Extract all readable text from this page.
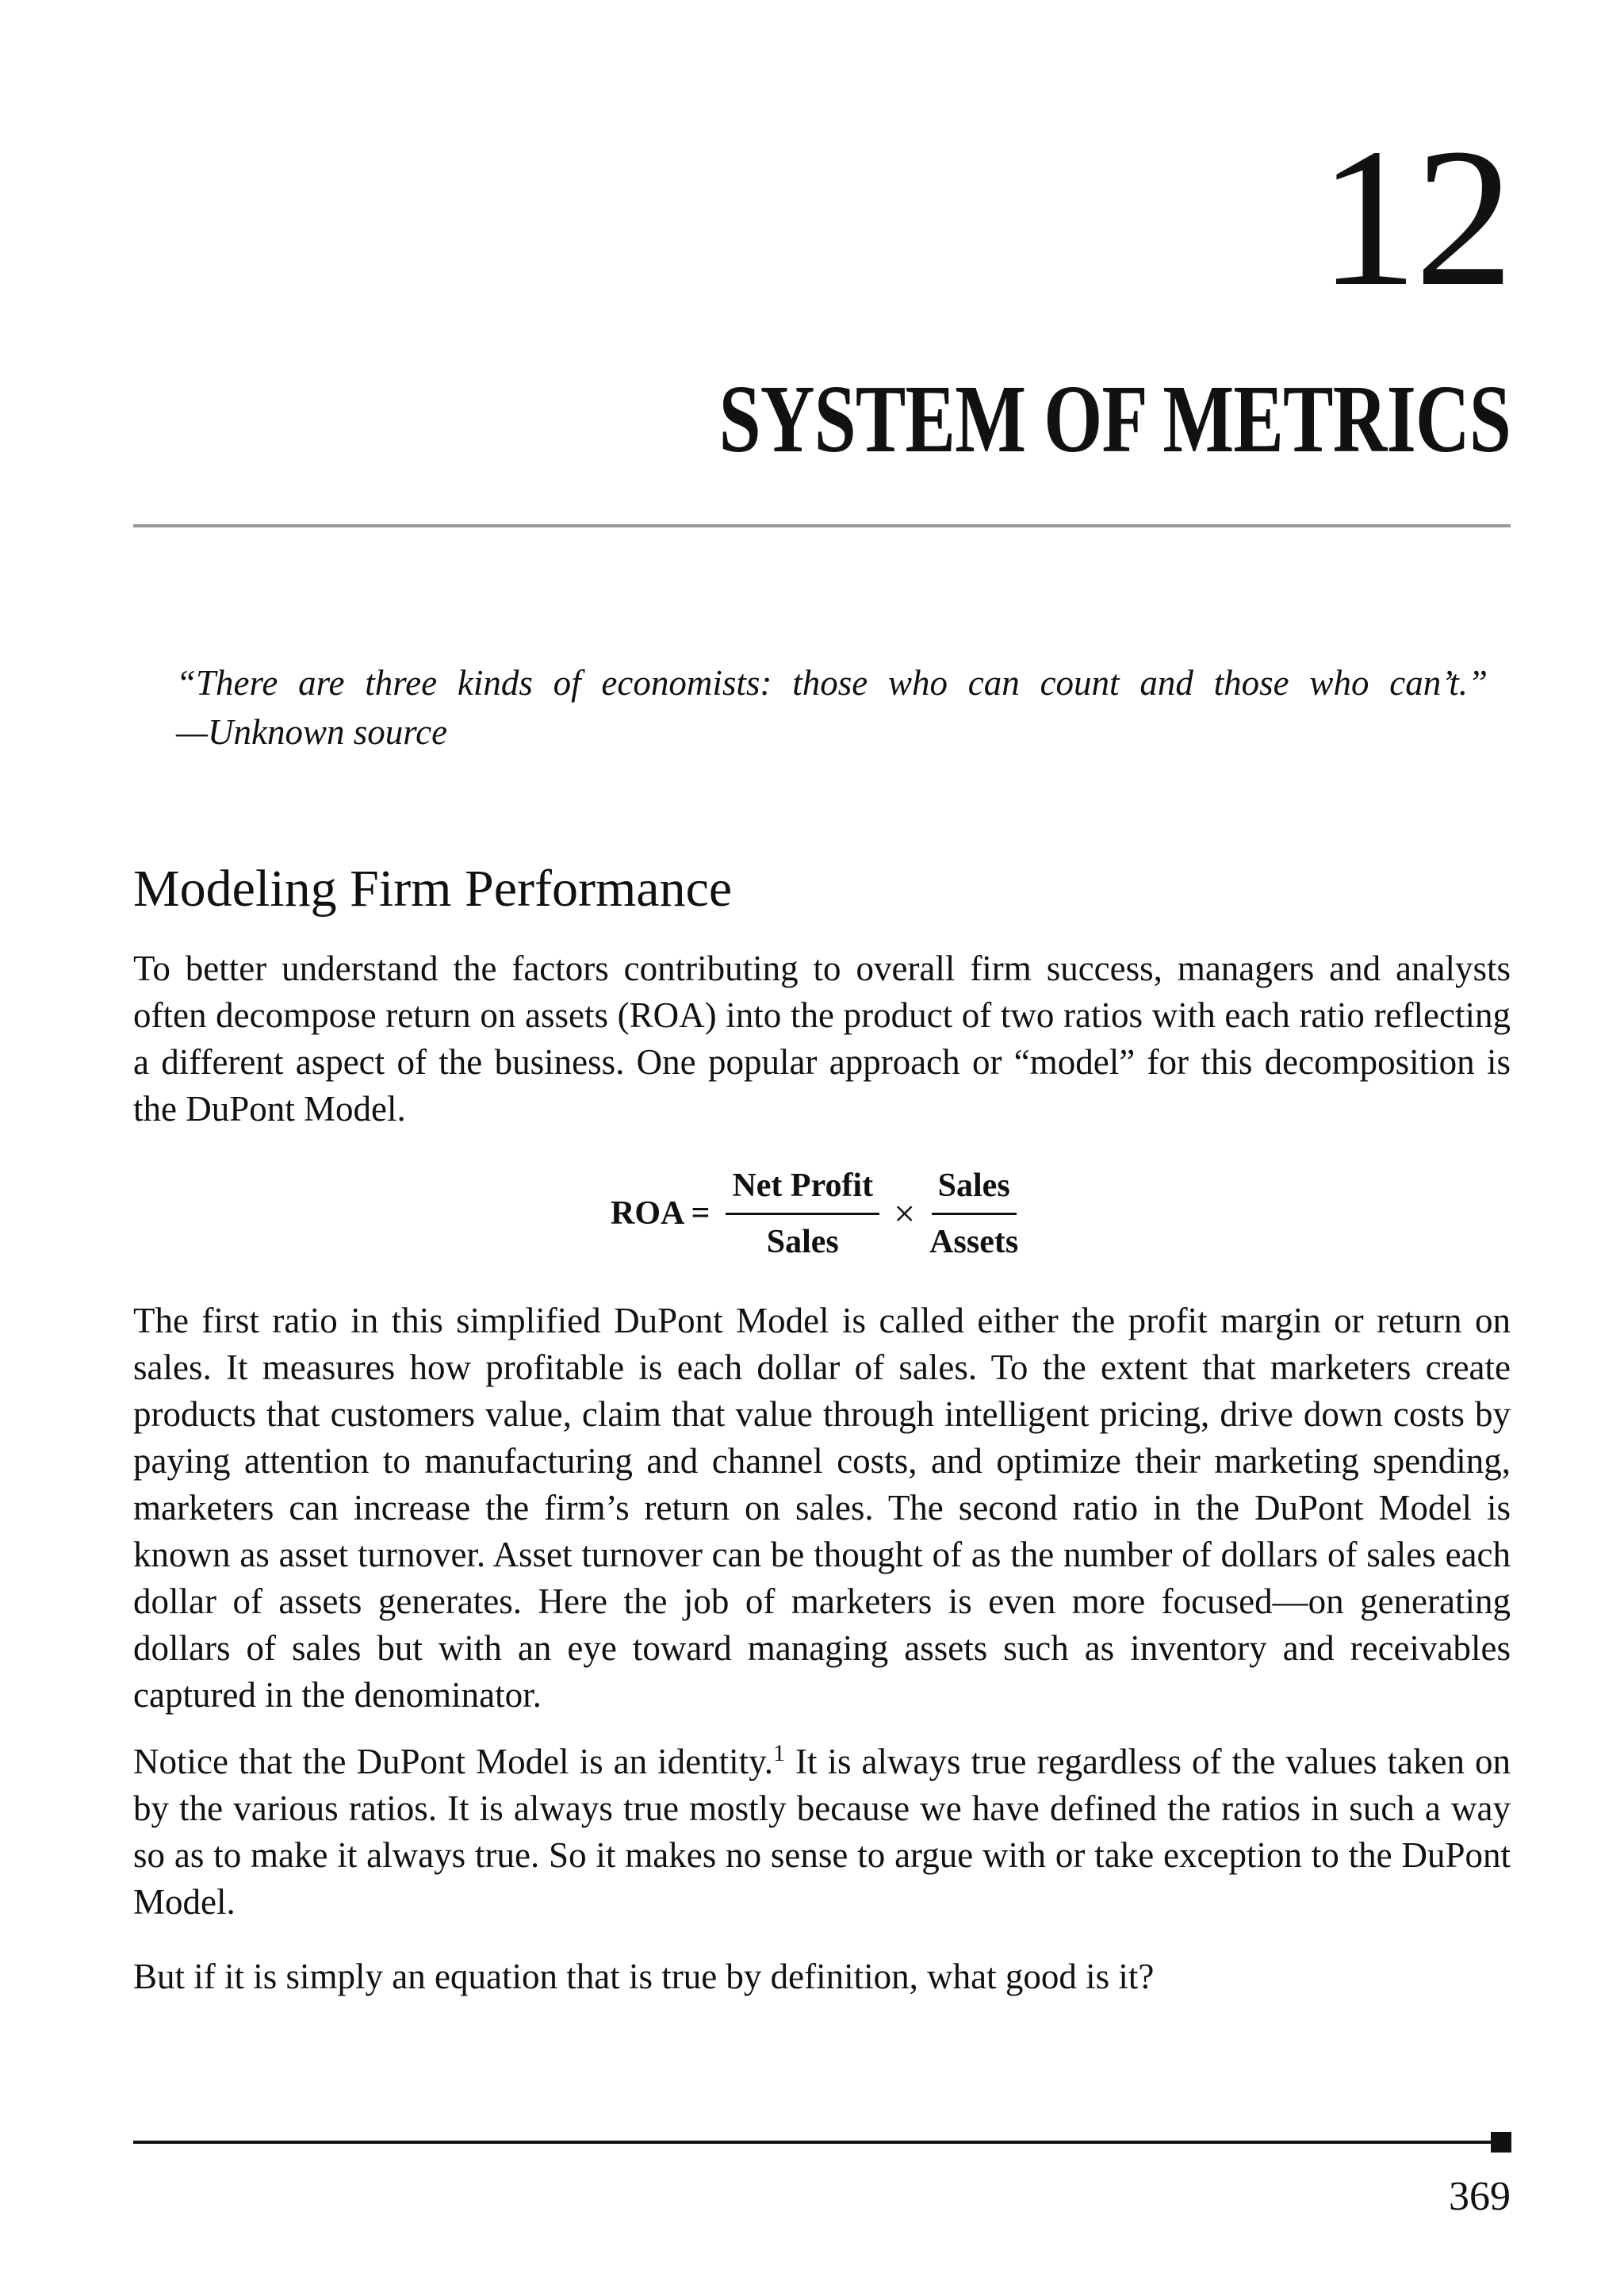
12
SYSTEM OF METRICS
“There are three kinds of economists: those who can count and those who can’t.”
—Unknown source
Modeling Firm Performance

To better understand the factors contributing to overall firm success, managers and analysts often decompose return on assets (ROA) into the product of two ratios with each ratio reflecting a different aspect of the business. One popular approach or “model” for this decomposition is the DuPont Model.

ROA = $\frac{\text{Net Profit}}{\text{Sales}} \times \frac{\text{Sales}}{\text{Assets}}$

The first ratio in this simplified DuPont Model is called either the profit margin or return on sales. It measures how profitable is each dollar of sales. To the extent that marketers create products that customers value, claim that value through intelligent pricing, drive down costs by paying attention to manufacturing and channel costs, and optimize their marketing spending, marketers can increase the firm’s return on sales. The second ratio in the DuPont Model is known as asset turnover. Asset turnover can be thought of as the number of dollars of sales each dollar of assets generates. Here the job of marketers is even more focused—on generating dollars of sales but with an eye toward managing assets such as inventory and receivables captured in the denominator.

Notice that the DuPont Model is an identity.$^1$ It is always true regardless of the values taken on by the various ratios. It is always true mostly because we have defined the ratios in such a way so as to make it always true. So it makes no sense to argue with or take exception to the DuPont Model.

But if it is simply an equation that is true by definition, what good is it?

369
